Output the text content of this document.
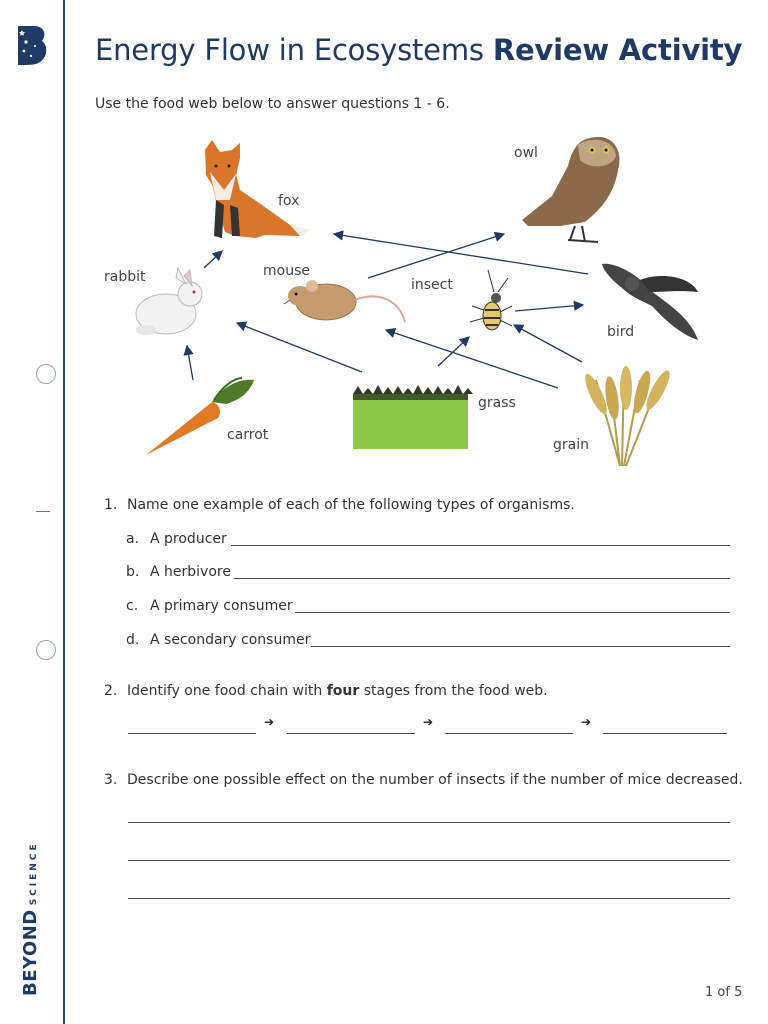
BEYONDSCIENCE
Energy Flow in Ecosystems Review Activity
Use the food web below to answer questions 1 - 6.
fox
owl
rabbit	mouse
insect
bird
carrot
grass
grain
1. Name one example of each of the following types of organisms.
a. A producer
b. A herbivore
c. A primary consumer
d. A secondary consumer
2. Identify one food chain with four stages from the food web.
➔	➔	➔
3. Describe one possible effect on the number of insects if the number of mice decreased.
1 of 5
